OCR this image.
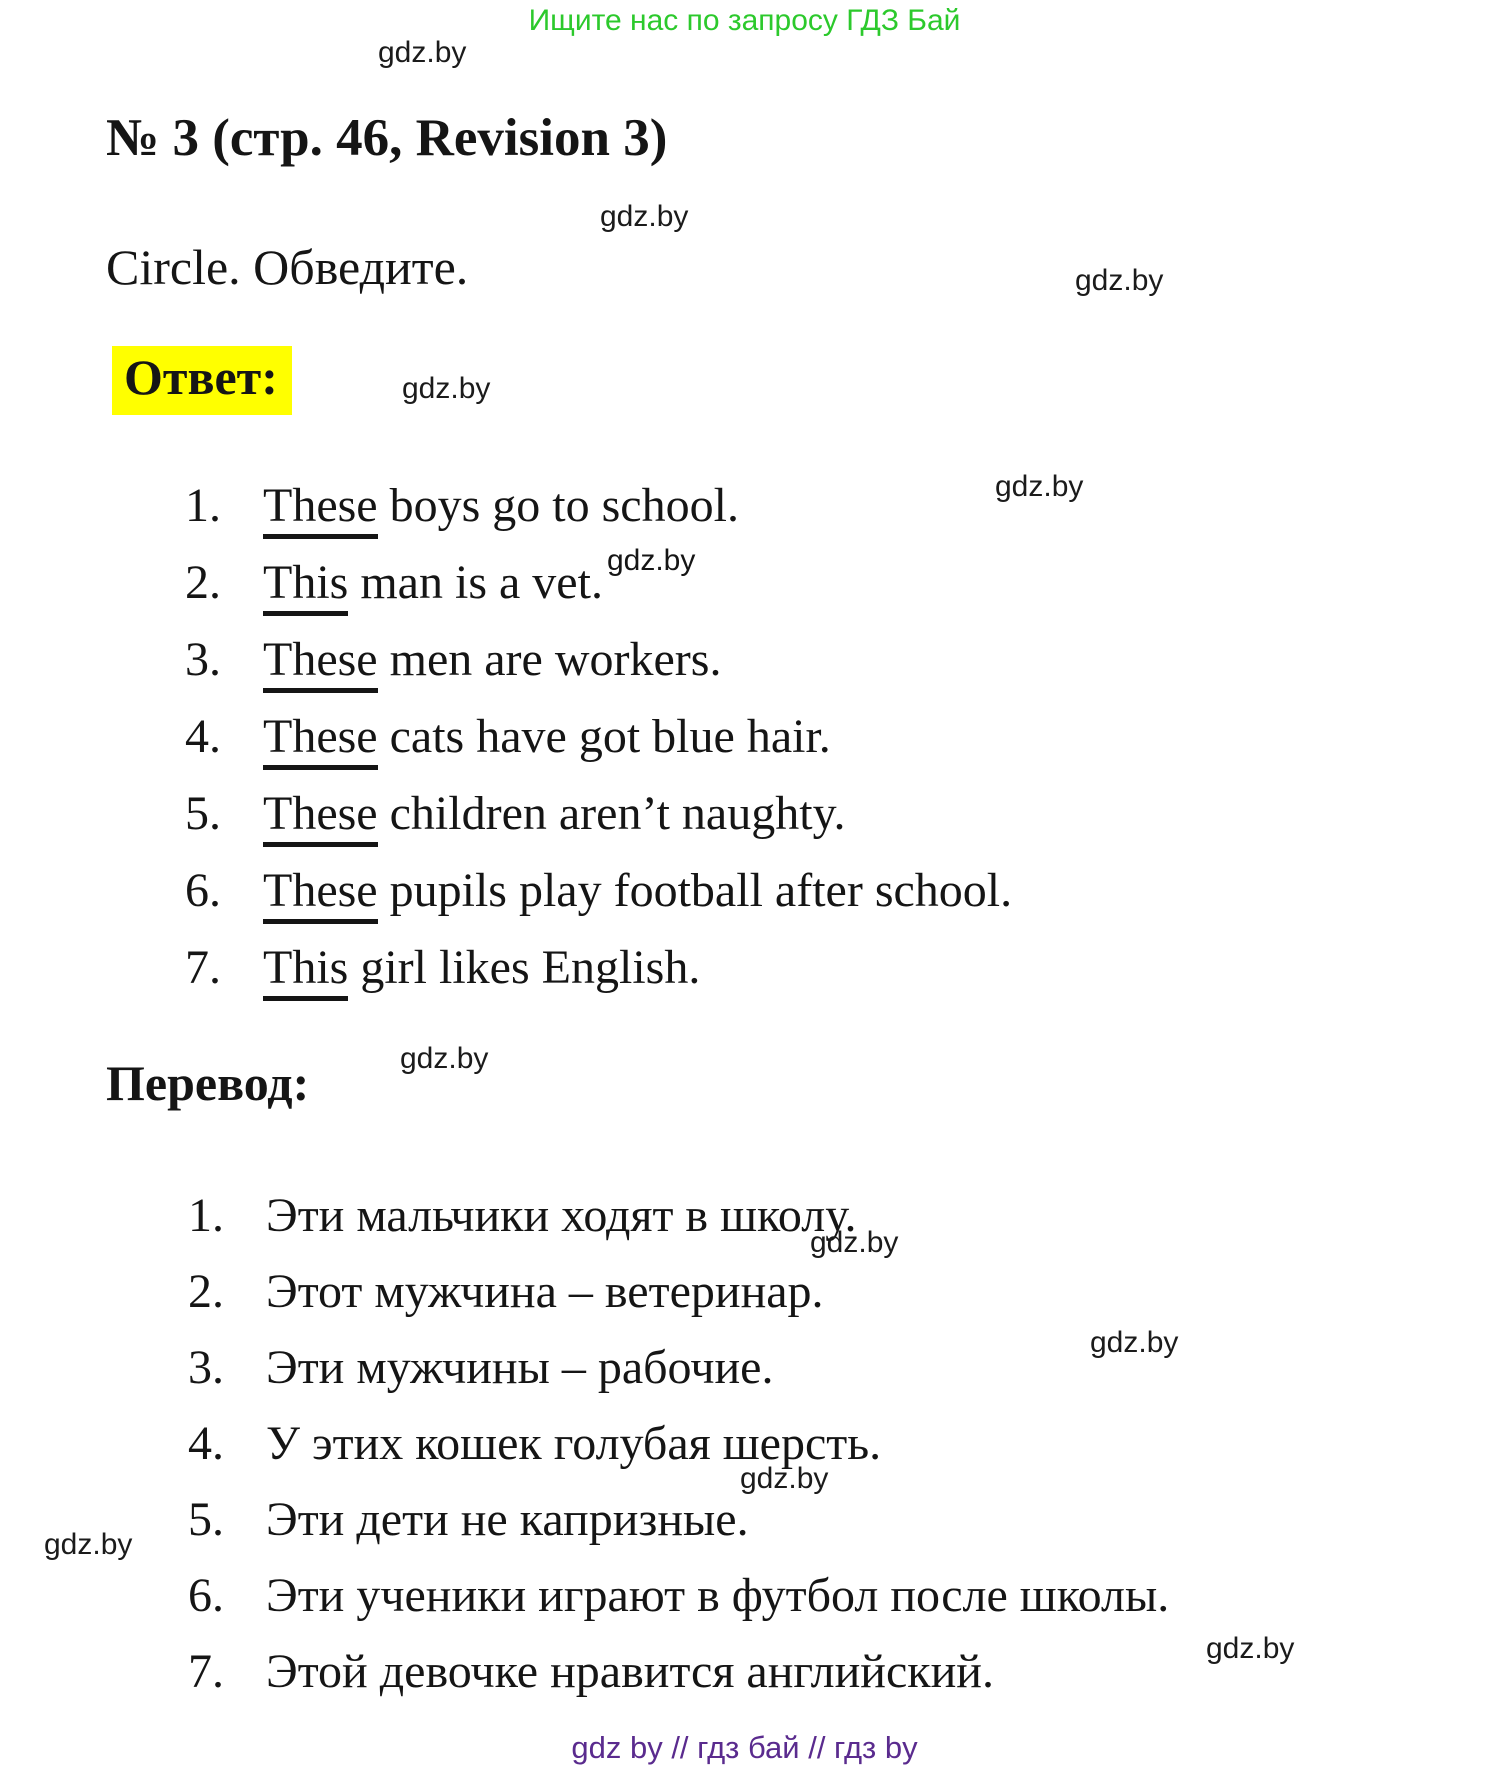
Ищите нас по запросу ГДЗ Бай
gdz.by
№ 3 (стр. 46, Revision 3)
gdz.by
Circle. Обведите.	gdz.by
Ответ:	gdz.by
1. These boys go to school.
2. This man is a vet. $^{gdz.by}$
3. These men are workers.
4. These cats have got blue hair.
5. These children aren’t naughty.
6. These pupils play football after school.
7. This girl likes English.
gdz.by
Перевод:	gdz.by
1. Эти мальчики ходят в школу.
2. Этот мужчина – ветеринар.
3. Эти мужчины – рабочие.
4. У этих кошек голубая шерсть.
5. Эти дети не капризные.
6. Эти ученики играют в футбол после школы.
7. Этой девочке нравится английский.
gdz.by
gdz.by
gdz.by
gdz.by
gdz.by
gdz by // гдз бай // гдз by
